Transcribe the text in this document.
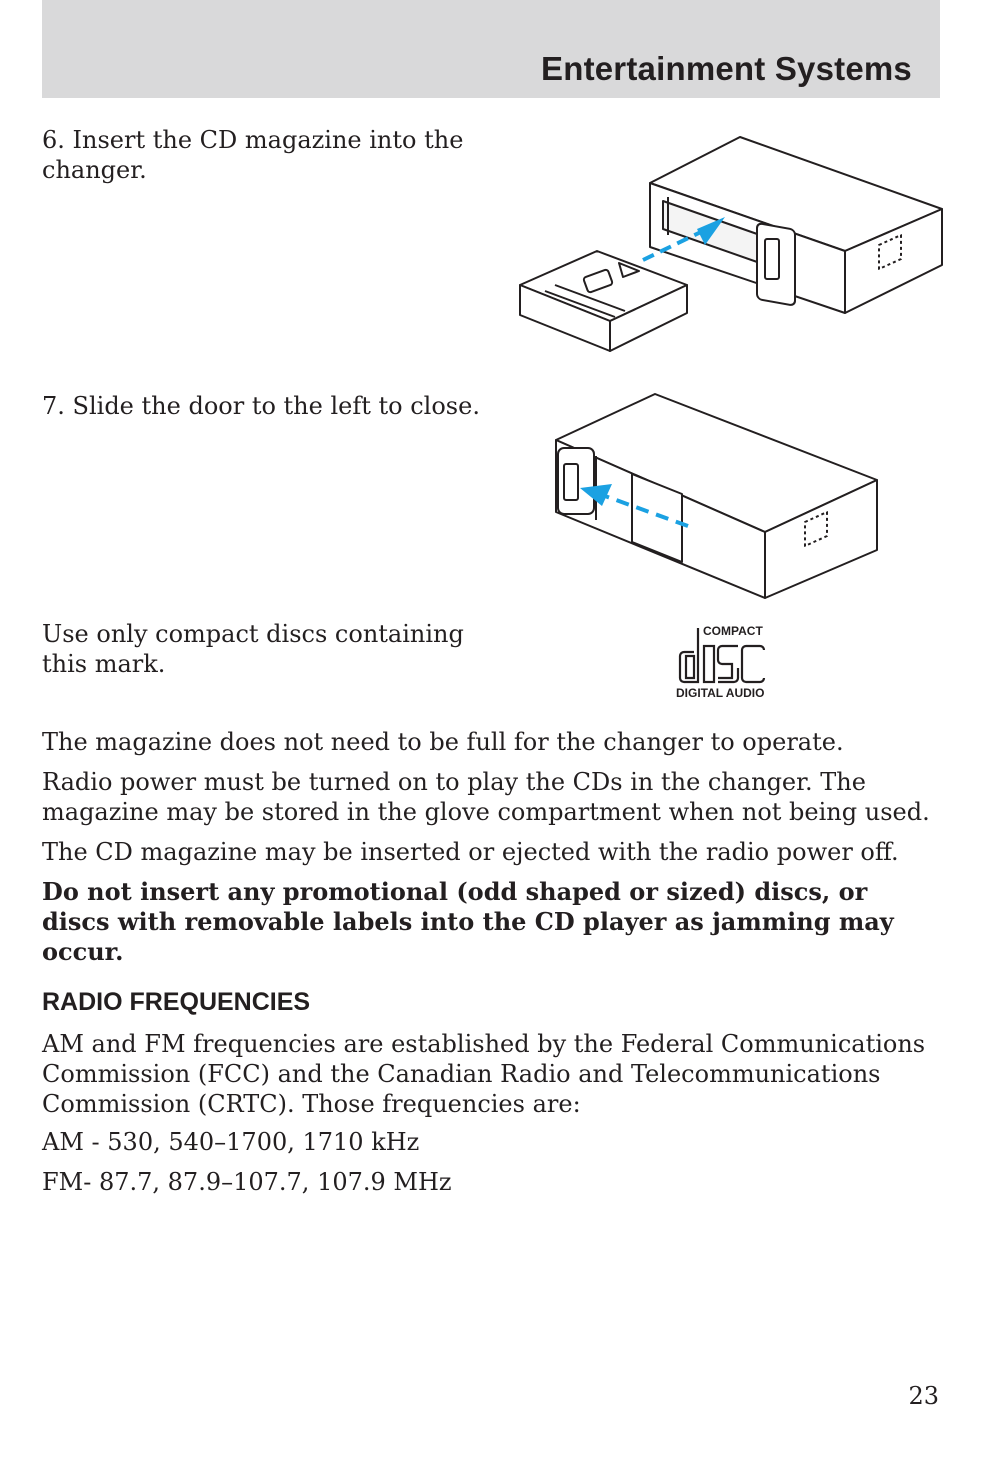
Entertainment Systems

6. Insert the CD magazine into the changer.

7. Slide the door to the left to close.

Use only compact discs containing this mark.

COMPACT
DIGITAL AUDIO

The magazine does not need to be full for the changer to operate.

Radio power must be turned on to play the CDs in the changer. The magazine may be stored in the glove compartment when not being used.

The CD magazine may be inserted or ejected with the radio power off.

Do not insert any promotional (odd shaped or sized) discs, or discs with removable labels into the CD player as jamming may occur.

RADIO FREQUENCIES

AM and FM frequencies are established by the Federal Communications Commission (FCC) and the Canadian Radio and Telecommunications Commission (CRTC). Those frequencies are:

AM - 530, 540–1700, 1710 kHz

FM- 87.7, 87.9–107.7, 107.9 MHz

23
